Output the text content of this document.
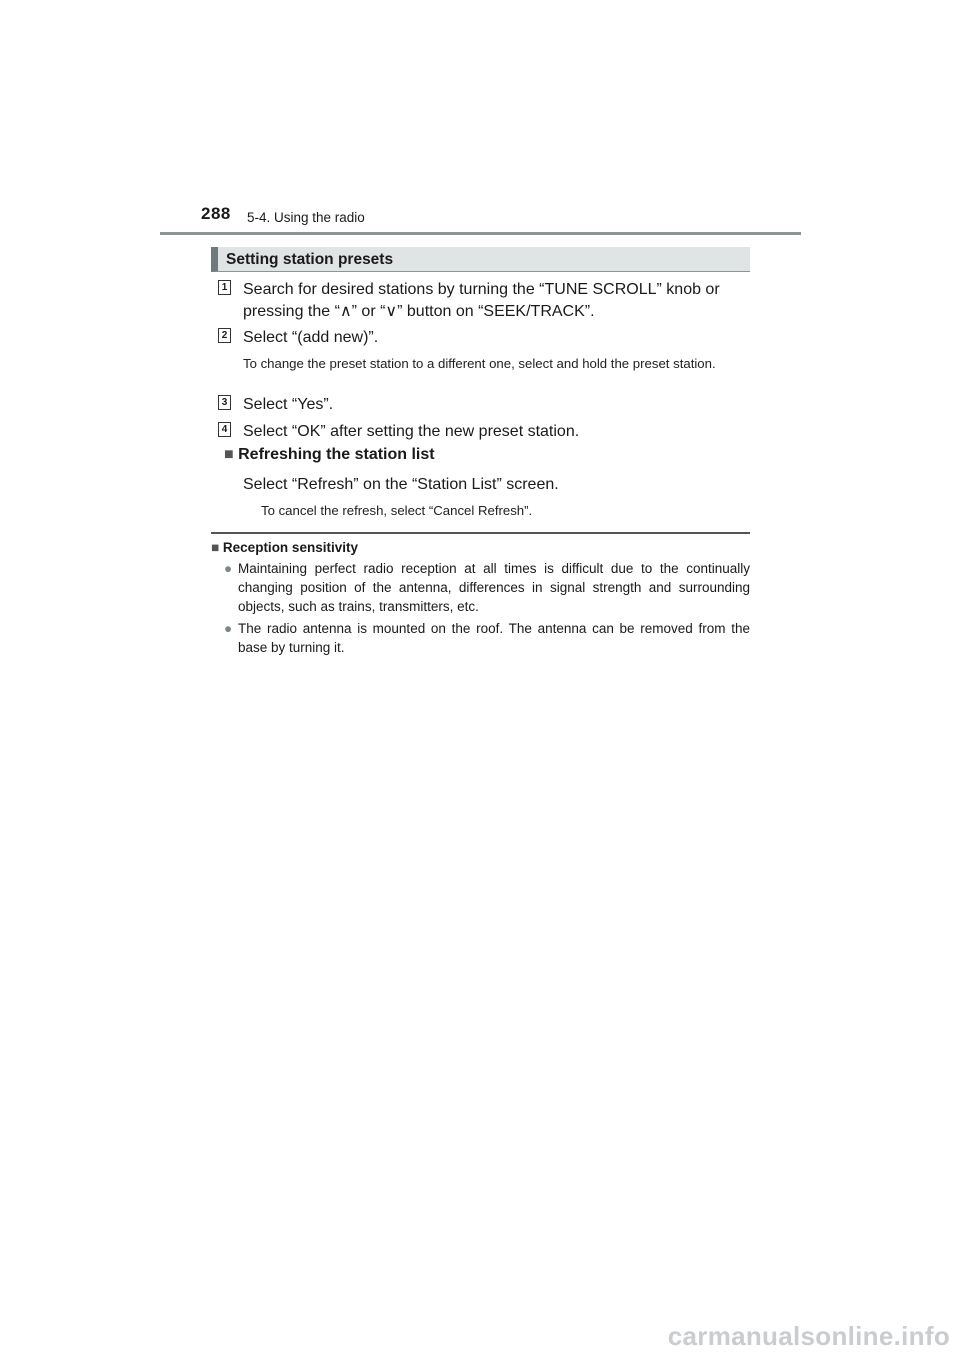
288 5-4. Using the radio
Setting station presets
1 Search for desired stations by turning the “TUNE SCROLL” knob or
pressing the “∧” or “∨” button on “SEEK/TRACK”.
2 Select “(add new)”.
To change the preset station to a different one, select and hold the preset station.
3 Select “Yes”.
4 Select “OK” after setting the new preset station.
■ Refreshing the station list
Select “Refresh” on the “Station List” screen.
To cancel the refresh, select “Cancel Refresh”.
■ Reception sensitivity
● Maintaining perfect radio reception at all times is difficult due to the continually changing position of the antenna, differences in signal strength and surrounding objects, such as trains, transmitters, etc.
● The radio antenna is mounted on the roof. The antenna can be removed from the base by turning it.
carmanualsonline.info
